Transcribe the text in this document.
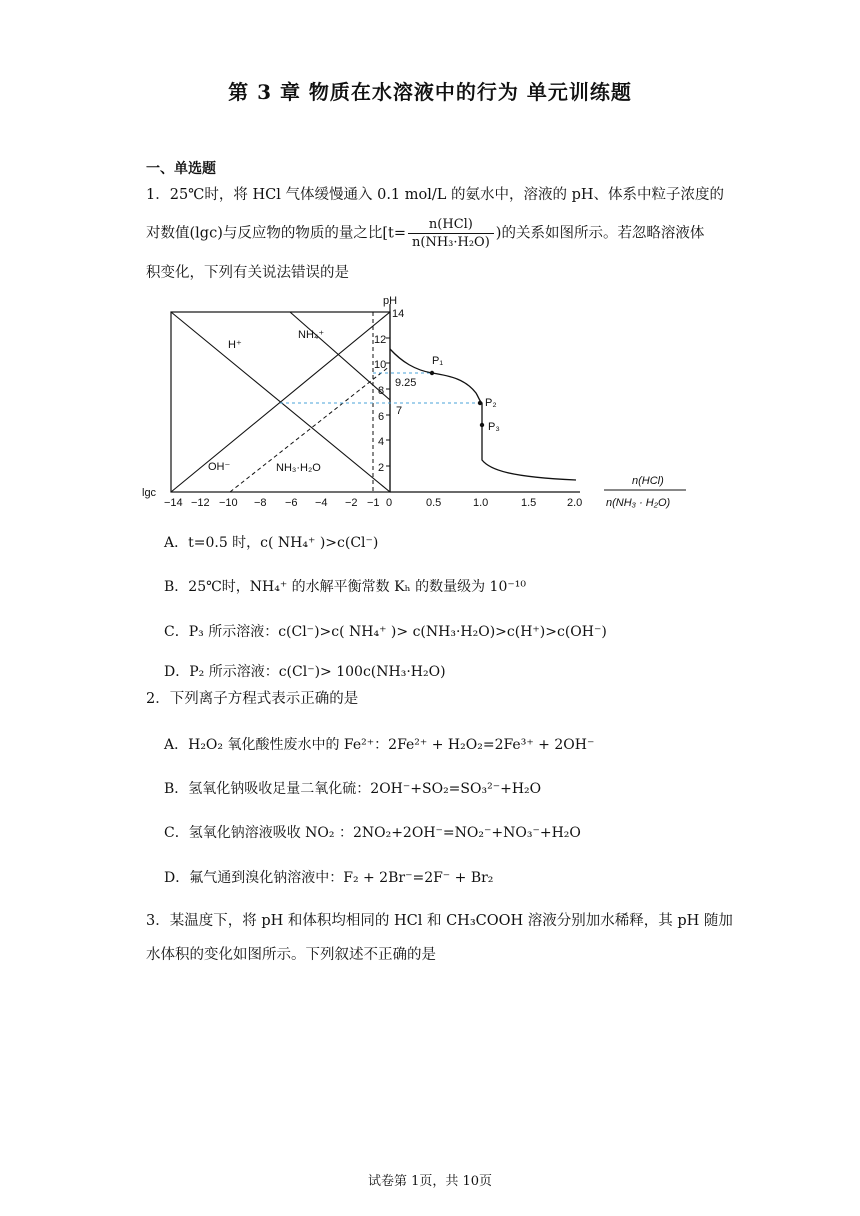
第 3 章 物质在水溶液中的行为 单元训练题
一、单选题
1．25℃时，将 HCl 气体缓慢通入 0.1 mol/L 的氨水中，溶液的 pH、体系中粒子浓度的
对数值(lgc)与反应物的物质的量之比[$t= \frac{\text{n(HCl)}}{\text{n(NH₃·H₂O)}}$ )的关系如图所示。若忽略溶液体
积变化，下列有关说法错误的是
pH
14
12
10
8
6
4
2
9.25
7
H⁺
NH₄⁺
OH⁻	NH₃·H₂O
P₁
P₂
P₃
lgc
−14 −12 −10 −8 −6 −4 −2 −1 0	0.5	1.0	1.5	2.0
n(HCl)
n(NH₃ · H₂O)
A．t=0.5 时，c( NH₄⁺ )>c(Cl⁻)
B．25℃时，NH₄⁺ 的水解平衡常数 Kₕ 的数量级为 10⁻¹⁰
C．P₃ 所示溶液：c(Cl⁻)>c( NH₄⁺ )> c(NH₃·H₂O)>c(H⁺)>c(OH⁻)
D．P₂ 所示溶液：c(Cl⁻)> 100c(NH₃·H₂O)
2．下列离子方程式表示正确的是
A．H₂O₂ 氧化酸性废水中的 Fe²⁺：2Fe²⁺ + H₂O₂=2Fe³⁺ + 2OH⁻
B．氢氧化钠吸收足量二氧化硫：2OH⁻+SO₂=SO₃²⁻+H₂O
C．氢氧化钠溶液吸收 NO₂ ：2NO₂+2OH⁻=NO₂⁻+NO₃⁻+H₂O
D．氟气通到溴化钠溶液中：F₂ + 2Br⁻=2F⁻ + Br₂
3．某温度下，将 pH 和体积均相同的 HCl 和 CH₃COOH 溶液分别加水稀释，其 pH 随加
水体积的变化如图所示。下列叙述不正确的是
试卷第 1页，共 10页
